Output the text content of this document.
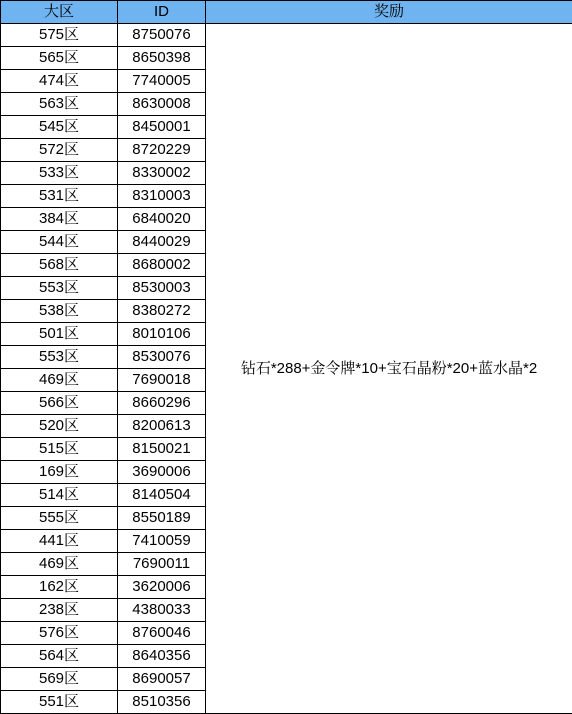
大区	ID	奖励
575区	8750076	钻石*288+金令牌*10+宝石晶粉*20+蓝水晶*2
565区	8650398	
474区	7740005	
563区	8630008	
545区	8450001	
572区	8720229	
533区	8330002	
531区	8310003	
384区	6840020	
544区	8440029	
568区	8680002	
553区	8530003	
538区	8380272	
501区	8010106	
553区	8530076	
469区	7690018	
566区	8660296	
520区	8200613	
515区	8150021	
169区	3690006	
514区	8140504	
555区	8550189	
441区	7410059	
469区	7690011	
162区	3620006	
238区	4380033	
576区	8760046	
564区	8640356	
569区	8690057	
551区	8510356	
